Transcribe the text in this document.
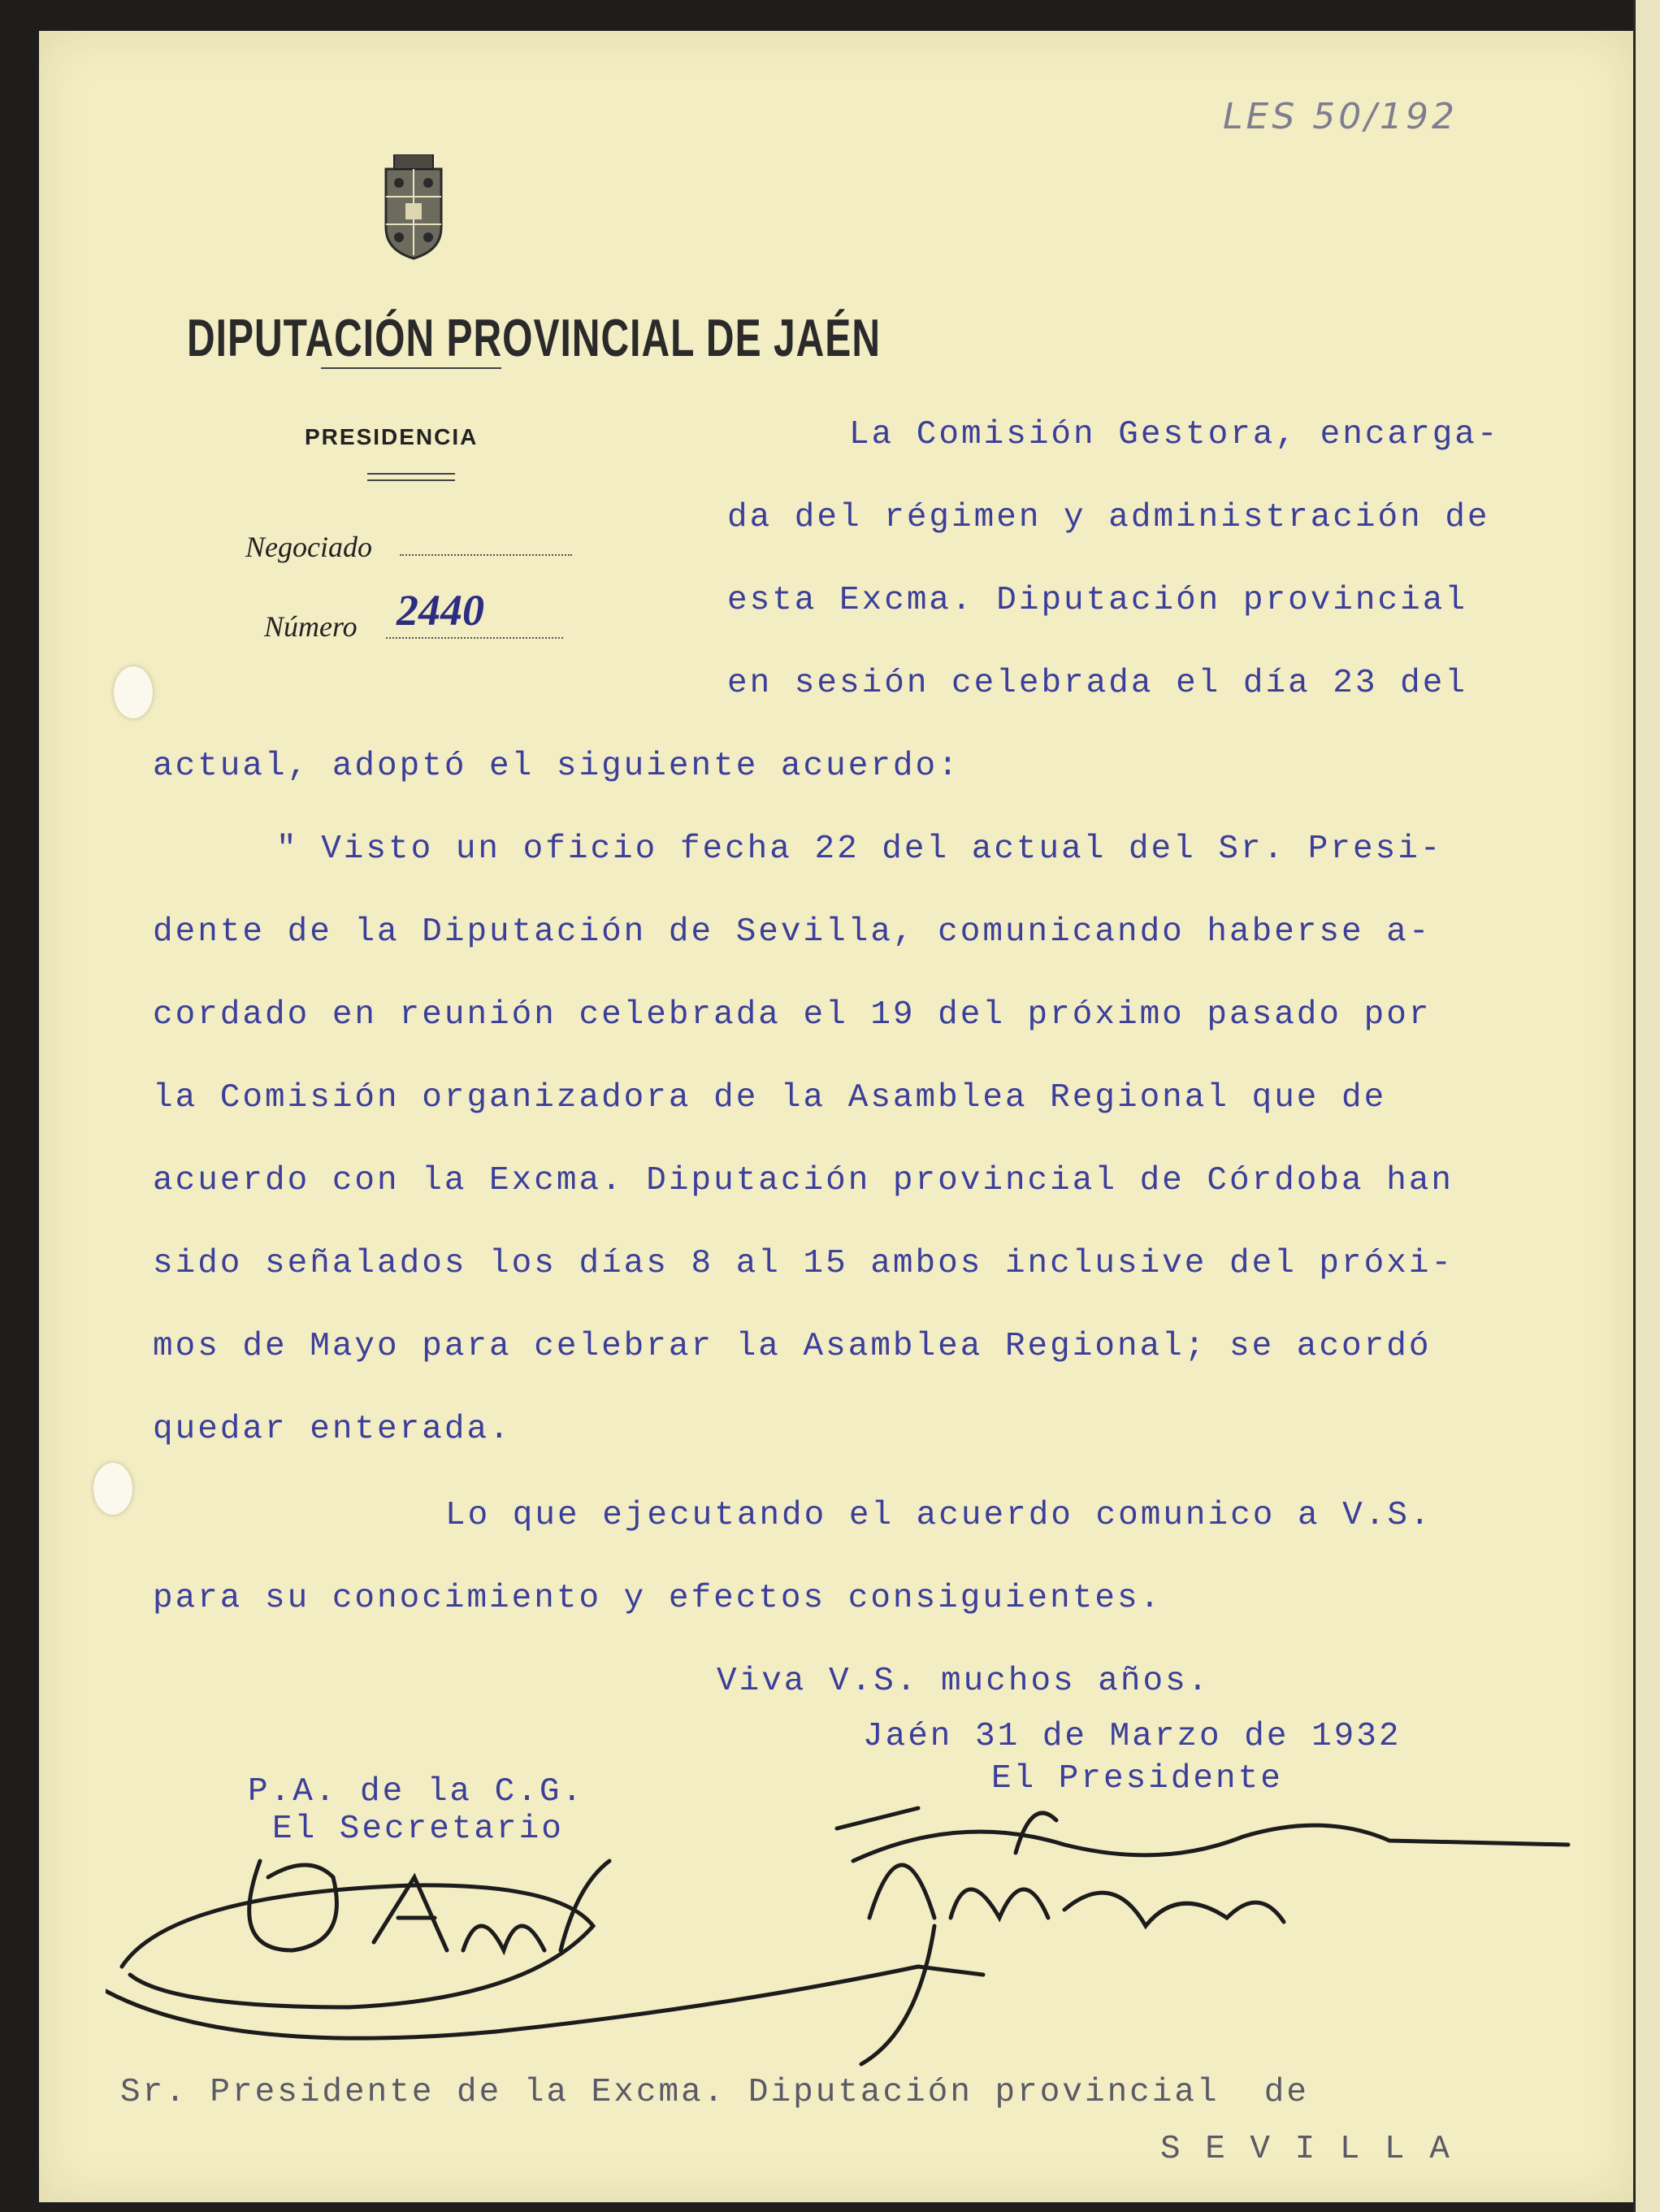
LES 50/192
DIPUTACIÓN PROVINCIAL DE JAÉN
PRESIDENCIA
Negociado
Número 2440
La Comisión Gestora, encarga-
da del régimen y administración de
esta Excma. Diputación provincial
en sesión celebrada el día 23 del
actual, adoptó el siguiente acuerdo:
" Visto un oficio fecha 22 del actual del Sr. Presi-
dente de la Diputación de Sevilla, comunicando haberse a-
cordado en reunión celebrada el 19 del próximo pasado por
la Comisión organizadora de la Asamblea Regional que de
acuerdo con la Excma. Diputación provincial de Córdoba han
sido señalados los días 8 al 15 ambos inclusive del próxi-
mos de Mayo para celebrar la Asamblea Regional; se acordó
quedar enterada.
Lo que ejecutando el acuerdo comunico a V.S.
para su conocimiento y efectos consiguientes.
Viva V.S. muchos años.
Jaén 31 de Marzo de 1932
El Presidente
P.A. de la C.G.
El Secretario
Sr. Presidente de la Excma. Diputación provincial  de
S E V I L L A
